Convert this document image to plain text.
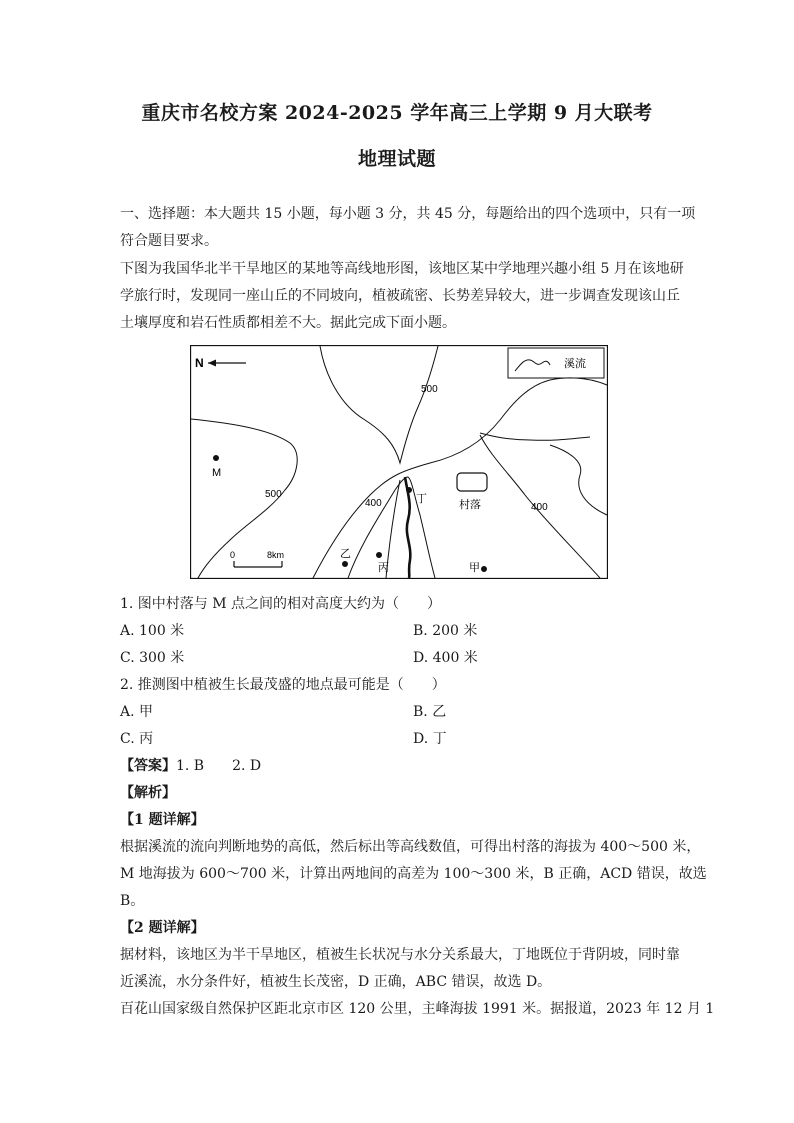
重庆市名校方案 2024-2025 学年高三上学期 9 月大联考
地理试题
一、选择题：本大题共 15 小题，每小题 3 分，共 45 分，每题给出的四个选项中，只有一项
符合题目要求。
下图为我国华北半干旱地区的某地等高线地形图，该地区某中学地理兴趣小组 5 月在该地研
学旅行时，发现同一座山丘的不同坡向，植被疏密、长势差异较大，进一步调查发现该山丘
土壤厚度和岩石性质都相差不大。据此完成下面小题。
N	溪流
500
500
400	400
村落
M
丁
乙
丙	甲
0	8km
1. 图中村落与 M 点之间的相对高度大约为（　　）
A. 100 米	B. 200 米
C. 300 米	D. 400 米
2. 推测图中植被生长最茂盛的地点最可能是（　　）
A. 甲	B. 乙
C. 丙	D. 丁
【答案】1. B　　2. D
【解析】
【1 题详解】
根据溪流的流向判断地势的高低，然后标出等高线数值，可得出村落的海拔为 400～500 米，
M 地海拔为 600～700 米，计算出两地间的高差为 100～300 米，B 正确，ACD 错误，故选
B。
【2 题详解】
据材料，该地区为半干旱地区，植被生长状况与水分关系最大，丁地既位于背阴坡，同时靠
近溪流，水分条件好，植被生长茂密，D 正确，ABC 错误，故选 D。
百花山国家级自然保护区距北京市区 120 公里，主峰海拔 1991 米。据报道，2023 年 12 月 1
